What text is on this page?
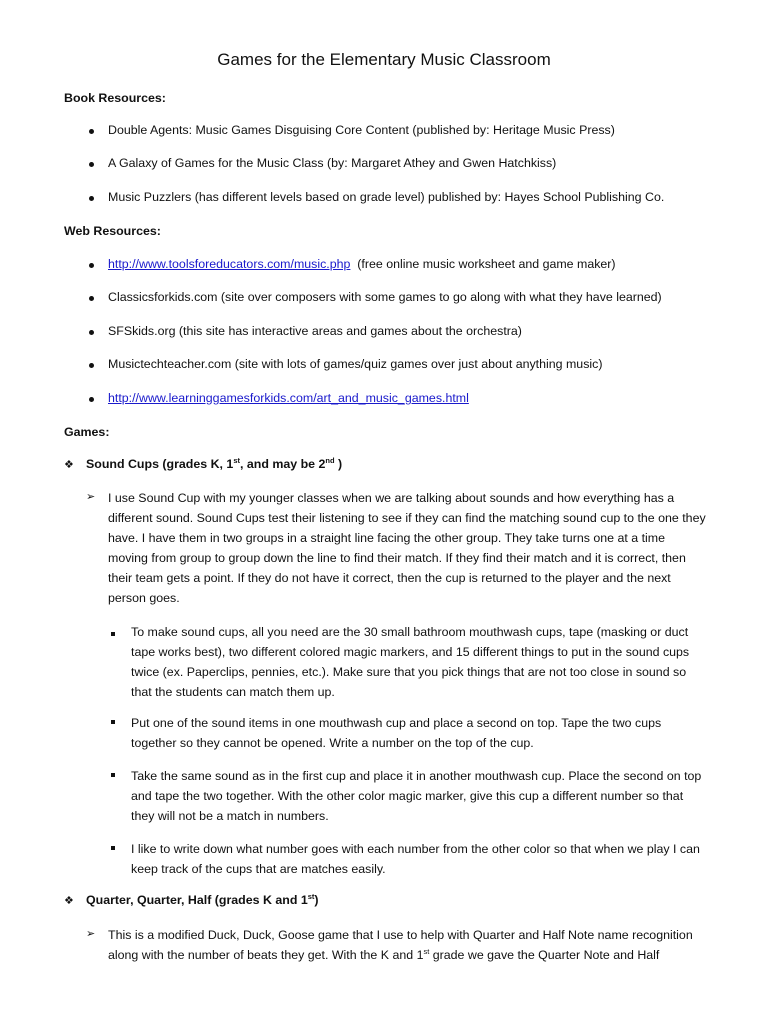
Games for the Elementary Music Classroom
Book Resources:
Double Agents: Music Games Disguising Core Content (published by: Heritage Music Press)
A Galaxy of Games for the Music Class (by: Margaret Athey and Gwen Hatchkiss)
Music Puzzlers (has different levels based on grade level) published by: Hayes School Publishing Co.
Web Resources:
http://www.toolsforeducators.com/music.php  (free online music worksheet and game maker)
Classicsforkids.com (site over composers with some games to go along with what they have learned)
SFSkids.org (this site has interactive areas and games about the orchestra)
Musictechteacher.com (site with lots of games/quiz games over just about anything music)
http://www.learninggamesforkids.com/art_and_music_games.html
Games:
❖ Sound Cups (grades K, 1st, and may be 2nd )
➢ I use Sound Cup with my younger classes when we are talking about sounds and how everything has a different sound. Sound Cups test their listening to see if they can find the matching sound cup to the one they have. I have them in two groups in a straight line facing the other group. They take turns one at a time moving from group to group down the line to find their match. If they find their match and it is correct, then their team gets a point. If they do not have it correct, then the cup is returned to the player and the next person goes.
To make sound cups, all you need are the 30 small bathroom mouthwash cups, tape (masking or duct tape works best), two different colored magic markers, and 15 different things to put in the sound cups twice (ex. Paperclips, pennies, etc.). Make sure that you pick things that are not too close in sound so that the students can match them up.
Put one of the sound items in one mouthwash cup and place a second on top. Tape the two cups together so they cannot be opened. Write a number on the top of the cup.
Take the same sound as in the first cup and place it in another mouthwash cup. Place the second on top and tape the two together. With the other color magic marker, give this cup a different number so that they will not be a match in numbers.
I like to write down what number goes with each number from the other color so that when we play I can keep track of the cups that are matches easily.
❖ Quarter, Quarter, Half (grades K and 1st)
➢ This is a modified Duck, Duck, Goose game that I use to help with Quarter and Half Note name recognition along with the number of beats they get. With the K and 1st grade we gave the Quarter Note and Half
